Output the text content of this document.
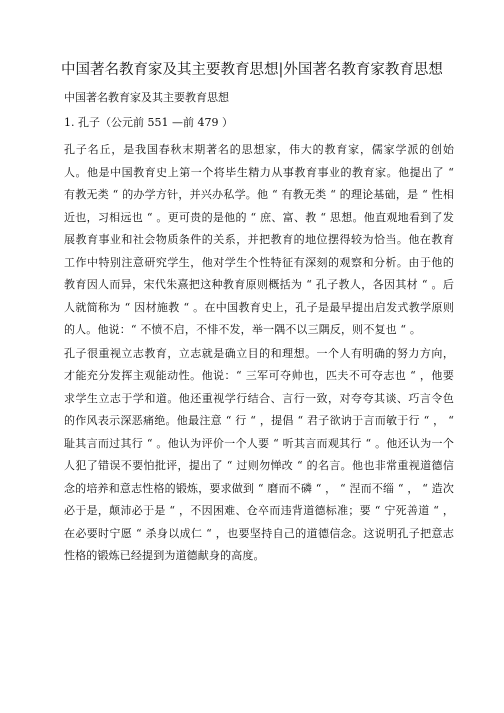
中国著名教育家及其主要教育思想|外国著名教育家教育思想
中国著名教育家及其主要教育思想
1. 孔子（公元前 551 —前 479 ）

孔子名丘，是我国春秋末期著名的思想家，伟大的教育家，儒家学派的创始人。他是中国教育史上第一个将毕生精力从事教育事业的教育家。他提出了 “ 有教无类 “ 的办学方针，并兴办私学。他 “ 有教无类 “ 的理论基础，是 “ 性相近也，习相远也 “ 。更可贵的是他的 “ 庶、富、教 “ 思想。他直观地看到了发展教育事业和社会物质条件的关系，并把教育的地位摆得较为恰当。他在教育工作中特别注意研究学生，他对学生个性特征有深刻的观察和分析。由于他的教育因人而异，宋代朱熹把这种教育原则概括为 “ 孔子教人，各因其材 “ 。后人就简称为 “ 因材施教 “ 。在中国教育史上，孔子是最早提出启发式教学原则的人。他说：“ 不愤不启，不悱不发，举一隅不以三隅反，则不复也 “ 。

孔子很重视立志教育，立志就是确立目的和理想。一个人有明确的努力方向，才能充分发挥主观能动性。他说：“ 三军可夺帅也，匹夫不可夺志也 “ ，他要求学生立志于学和道。他还重视学行结合、言行一致，对夸夸其谈、巧言令色的作风表示深恶痛绝。他最注意 “ 行 “ ，提倡 “ 君子欲讷于言而敏于行 “ ， “ 耻其言而过其行 “ 。他认为评价一个人要 “ 听其言而观其行 “ 。他还认为一个人犯了错误不要怕批评，提出了 “ 过则勿惮改 “ 的名言。他也非常重视道德信念的培养和意志性格的锻炼，要求做到 “ 磨而不磷 “ ， “ 涅而不缁 “ ， “ 造次必于是，颠沛必于是 “ ，不因困难、仓卒而违背道德标准；要 “ 宁死善道 “ ，在必要时宁愿 “ 杀身以成仁 “ ，也要坚持自己的道德信念。这说明孔子把意志性格的锻炼已经提到为道德献身的高度。
